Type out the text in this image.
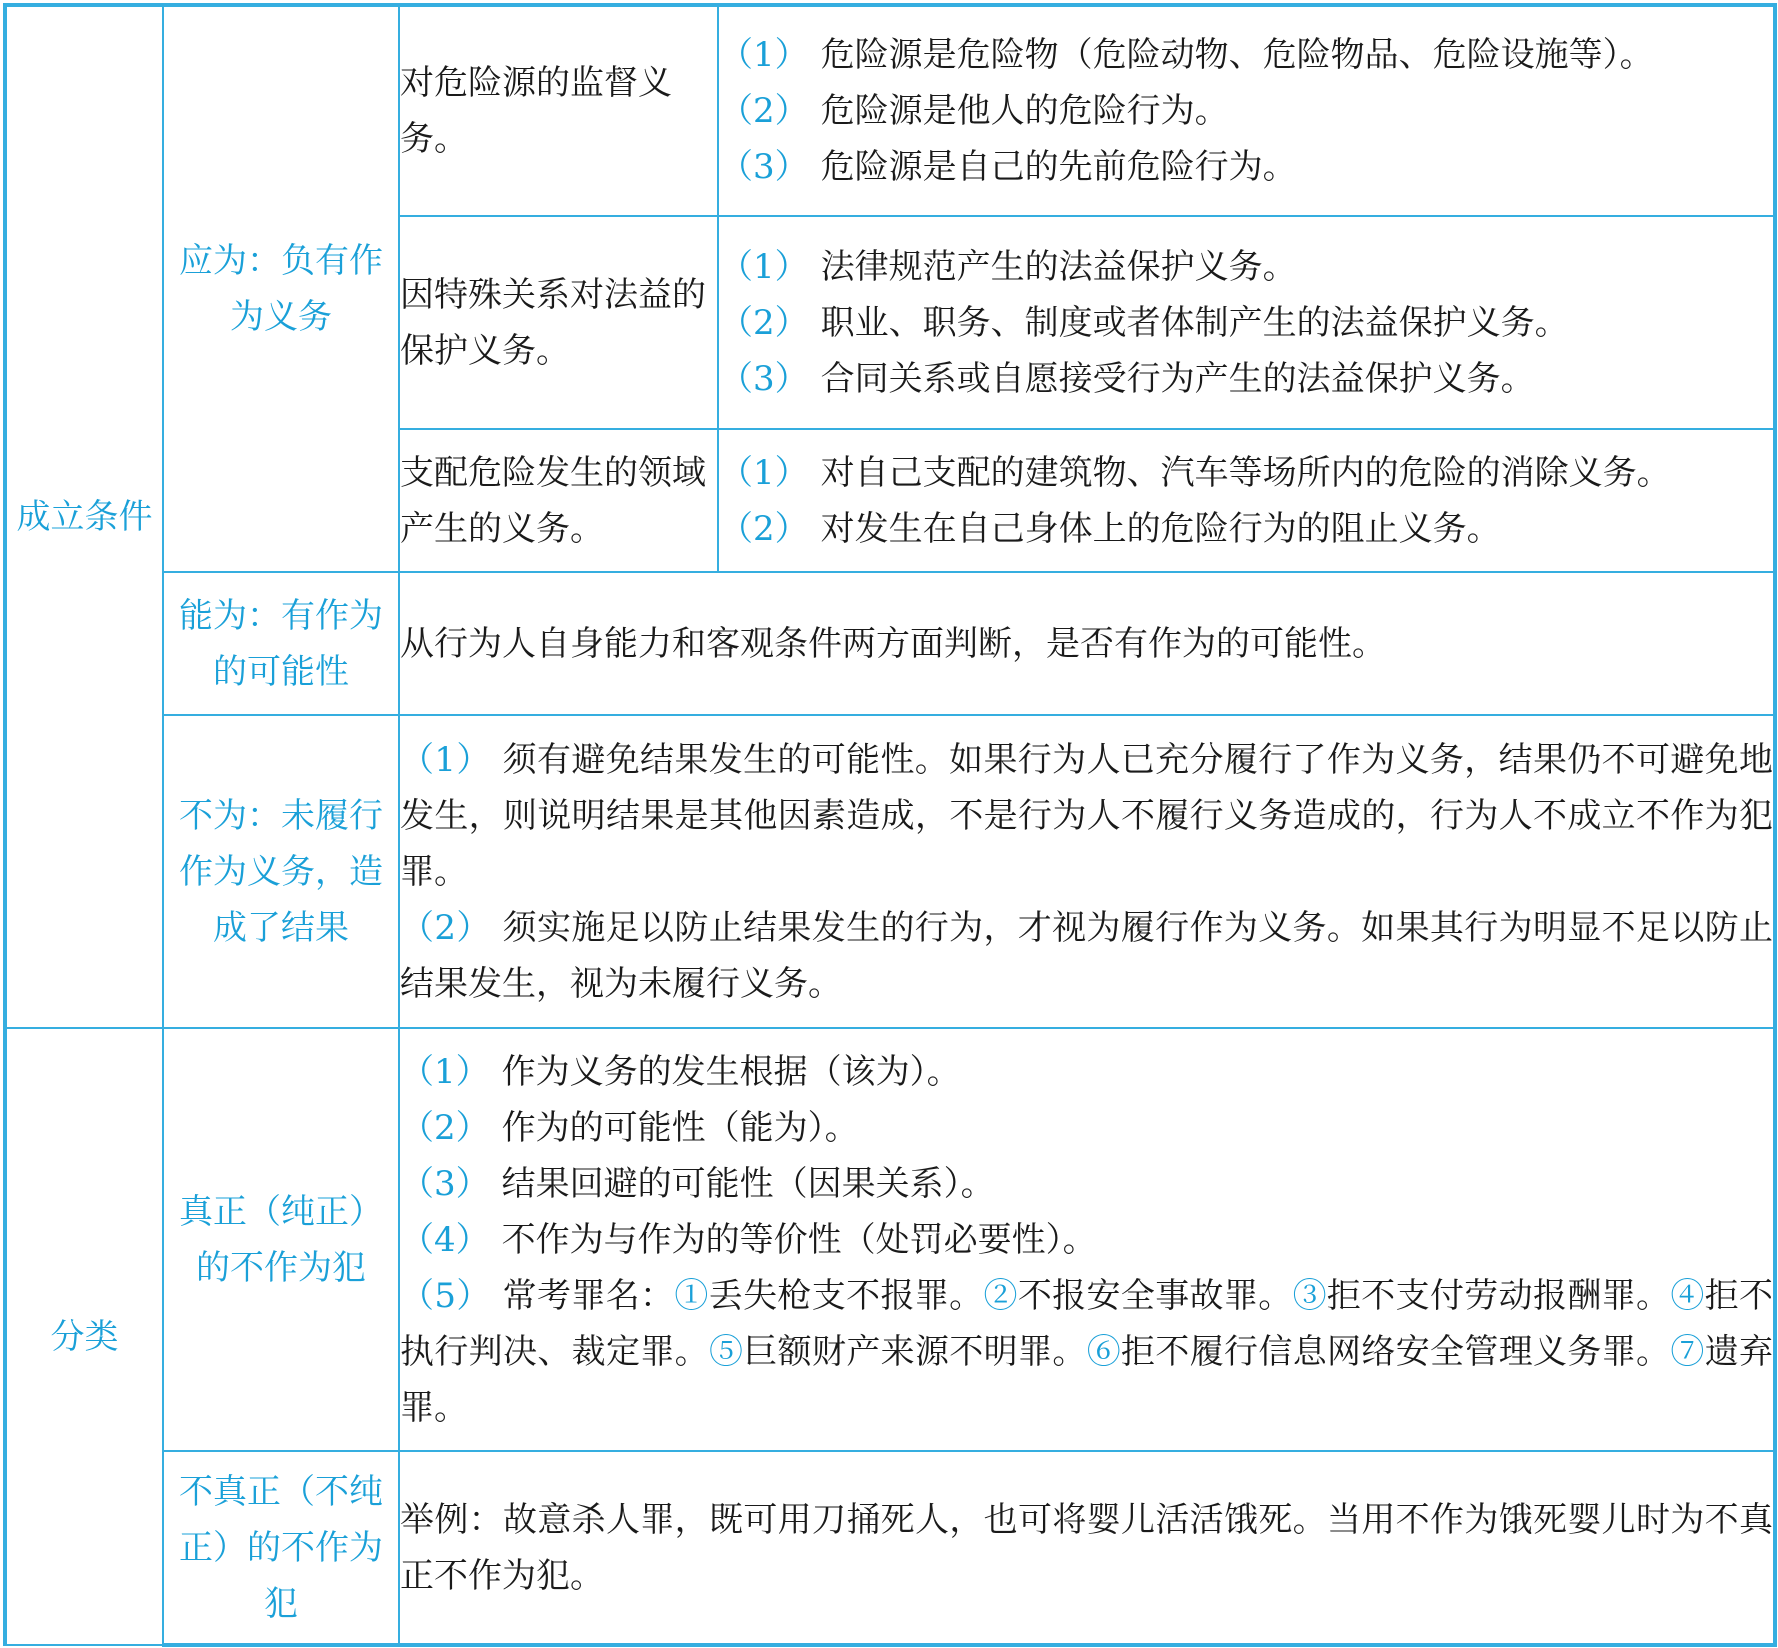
成立条件	应为：负有作为义务	对危险源的监督义务。	（1） 危险源是危险物（危险动物、危险物品、危险设施等）。
（2） 危险源是他人的危险行为。
（3） 危险源是自己的先前危险行为。

		因特殊关系对法益的保护义务。	（1） 法律规范产生的法益保护义务。
（2） 职业、职务、制度或者体制产生的法益保护义务。
（3） 合同关系或自愿接受行为产生的法益保护义务。

		支配危险发生的领域产生的义务。	（1） 对自己支配的建筑物、汽车等场所内的危险的消除义务。
（2） 对发生在自己身体上的危险行为的阻止义务。

	能为：有作为的可能性	从行为人自身能力和客观条件两方面判断，是否有作为的可能性。	
	不为：未履行作为义务，造成了结果	（1） 须有避免结果发生的可能性。如果行为人已充分履行了作为义务，结果仍不可避免地发生，则说明结果是其他因素造成，不是行为人不履行义务造成的，行为人不成立不作为犯罪。
（2） 须实施足以防止结果发生的行为，才视为履行作为义务。如果其行为明显不足以防止结果发生，视为未履行义务。	

分类	真正（纯正）的不作为犯	（1） 作为义务的发生根据（该为）。
（2） 作为的可能性（能为）。
（3） 结果回避的可能性（因果关系）。
（4） 不作为与作为的等价性（处罚必要性）。
（5） 常考罪名：①丢失枪支不报罪。②不报安全事故罪。③拒不支付劳动报酬罪。④拒不执行判决、裁定罪。⑤巨额财产来源不明罪。⑥拒不履行信息网络安全管理义务罪。⑦遗弃罪。	

	不真正（不纯正）的不作为犯	举例：故意杀人罪，既可用刀捅死人，也可将婴儿活活饿死。当用不作为饿死婴儿时为不真正不作为犯。	
